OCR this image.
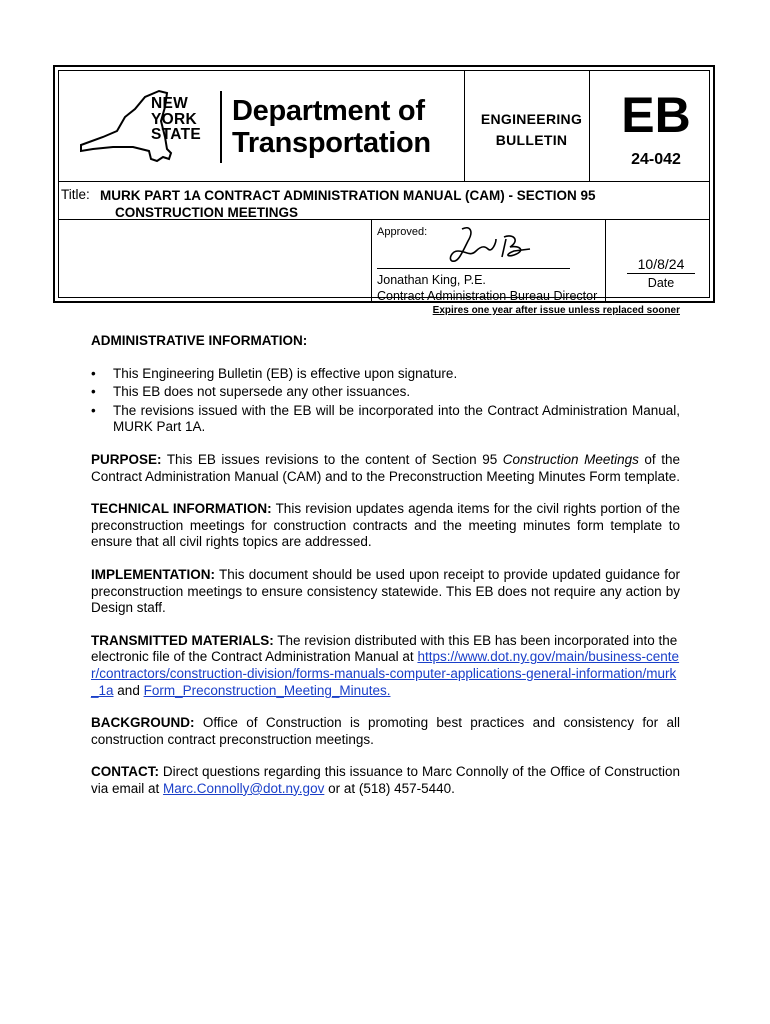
NEW
YORK
STATE
Department of
Transportation
ENGINEERING
BULLETIN	EB
24-042
Title: MURK PART 1A CONTRACT ADMINISTRATION MANUAL (CAM) - SECTION 95
CONSTRUCTION MEETINGS
Approved:
Jonathan King, P.E.
Contract Administration Bureau Director
10/8/24
Date
Expires one year after issue unless replaced sooner

ADMINISTRATIVE INFORMATION:

• This Engineering Bulletin (EB) is effective upon signature.
• This EB does not supersede any other issuances.
• The revisions issued with the EB will be incorporated into the Contract Administration Manual, MURK Part 1A.

PURPOSE: This EB issues revisions to the content of Section 95 Construction Meetings of the Contract Administration Manual (CAM) and to the Preconstruction Meeting Minutes Form template.

TECHNICAL INFORMATION: This revision updates agenda items for the civil rights portion of the preconstruction meetings for construction contracts and the meeting minutes form template to ensure that all civil rights topics are addressed.

IMPLEMENTATION: This document should be used upon receipt to provide updated guidance for preconstruction meetings to ensure consistency statewide. This EB does not require any action by Design staff.

TRANSMITTED MATERIALS: The revision distributed with this EB has been incorporated into the electronic file of the Contract Administration Manual at https://www.dot.ny.gov/main/business-center/contractors/construction-division/forms-manuals-computer-applications-general-information/murk_1a and Form_Preconstruction_Meeting_Minutes.

BACKGROUND: Office of Construction is promoting best practices and consistency for all construction contract preconstruction meetings.

CONTACT: Direct questions regarding this issuance to Marc Connolly of the Office of Construction via email at Marc.Connolly@dot.ny.gov or at (518) 457-5440.
